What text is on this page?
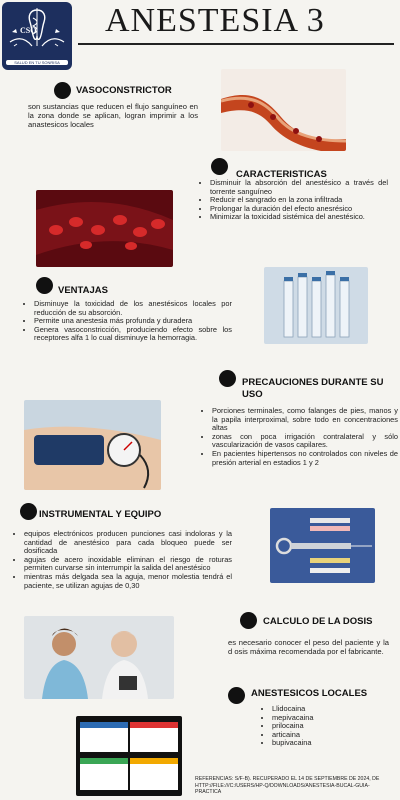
CSO
SALUD EN TU SONRISA
ANESTESIA 3
VASOCONSTRICTOR
son sustancias que reducen el flujo sanguíneo en la zona donde se aplican, logran imprimir a los anastesicos locales
CARACTERISTICAS
• Disminuir la absorción del anestésico a través del torrente sanguíneo
• Reducir el sangrado en la zona infiltrada
• Prolongar la duración del efecto anesrésico
• Minimizar la toxicidad sistémica del anestésico.
VENTAJAS
• Disminuye la toxicidad de los anestésicos locales por reducción de su absorción.
• Permite una anestesia más profunda y duradera
• Genera vasoconstricción, produciendo efecto sobre los receptores alfa 1 lo cual disminuye la hemorragia.
PRECAUCIONES DURANTE SU USO
• Porciones terminales, como falanges de pies, manos y la papila interproximal, sobre todo en concentraciones altas
• zonas con poca irrigación contralateral y sólo vascularización de vasos capilares.
• En pacientes hipertensos no controlados con niveles de presión arterial en estadios 1 y 2
INSTRUMENTAL Y EQUIPO
• equipos electrónicos producen punciones casi indoloras y la cantidad de anestésico para cada bloqueo puede ser dosificada
• agujas de acero inoxidable eliminan el riesgo de roturas permiten curvarse sin interrumpir la salida del anestésico
• mientras más delgada sea la aguja, menor molestia tendrá el paciente, se utilizan agujas de 0,30
CALCULO DE LA DOSIS
es necesario conocer el peso del paciente y la d osis máxima recomendada por el fabricante.
ANESTESICOS LOCALES
• Llidocaina
• mepivacaina
• prilocaina
• articaina
• bupivacaina
REFERENCIAS: S/F-B). RECUPERADO EL 14 DE SEPTIEMBRE DE 2024, DE HTTP://FILE:///C:/USERS/HP-Q/DOWNLOADS/ANESTESIA-BUCAL-GUIA-PRACTICA
